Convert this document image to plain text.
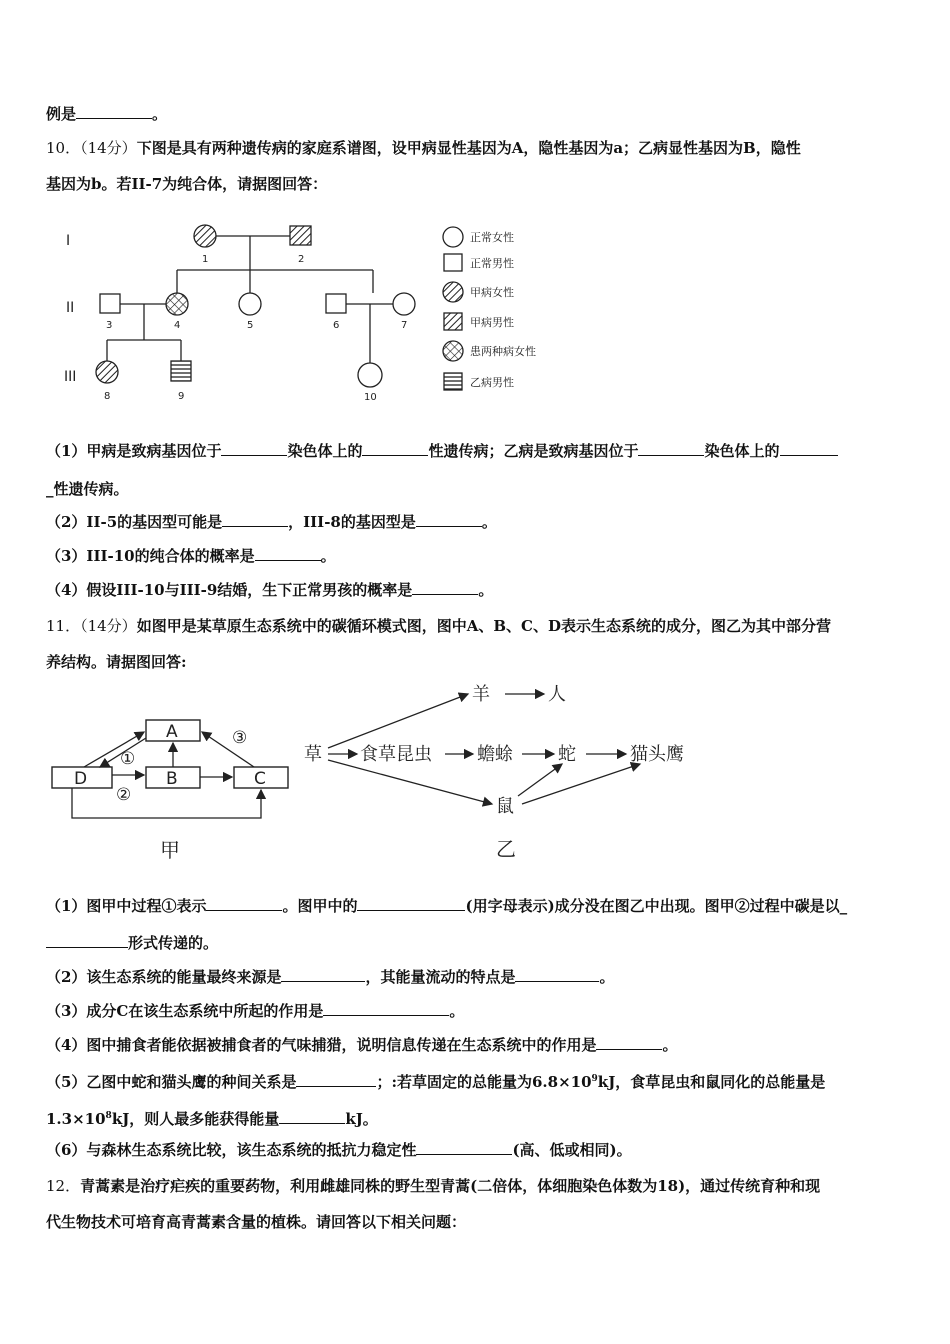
例是	。
10．（14分）下图是具有两种遗传病的家庭系谱图，设甲病显性基因为A，隐性基因为a；乙病显性基因为B，隐性
基因为b。若II-7为纯合体，请据图回答：
I
II
III
1	2
3	4	5	6	7
8	9	10
正常女性
正常男性
甲病女性
甲病男性
患两种病女性
乙病男性
（1）甲病是致病基因位于	染色体上的	性遗传病；乙病是致病基因位于	染色体上的
_性遗传病。
（2）II-5的基因型可能是	，III-8的基因型是	。
（3）III-10的纯合体的概率是	。
（4）假设III-10与III-9结婚，生下正常男孩的概率是	。
11．（14分）如图甲是某草原生态系统中的碳循环模式图，图中A、B、C、D表示生态系统的成分，图乙为其中部分营
养结构。请据图回答:
A
B	C
D
①
②
③
甲
草 食草昆虫	蟾蜍	蛇	猫头鹰
羊	人
鼠
乙
（1）图甲中过程①表示	。图甲中的	(用字母表示)成分没在图乙中出现。图甲②过程中碳是以_
形式传递的。
（2）该生态系统的能量最终来源是	，其能量流动的特点是	。
（3）成分C在该生态系统中所起的作用是	。
（4）图中捕食者能依据被捕食者的气味捕猎，说明信息传递在生态系统中的作用是	。
（5）乙图中蛇和猫头鹰的种间关系是	；:若草固定的总能量为$6.8\times 10^9kJ$，食草昆虫和鼠同化的总能量是
$1.3\times 10^8kJ$，则人最多能获得能量	kJ。
（6）与森林生态系统比较，该生态系统的抵抗力稳定性	(高、低或相同)。
12．青蒿素是治疗疟疾的重要药物，利用雌雄同株的野生型青蒿(二倍体，体细胞染色体数为18)，通过传统育种和现
代生物技术可培育高青蒿素含量的植株。请回答以下相关问题：
